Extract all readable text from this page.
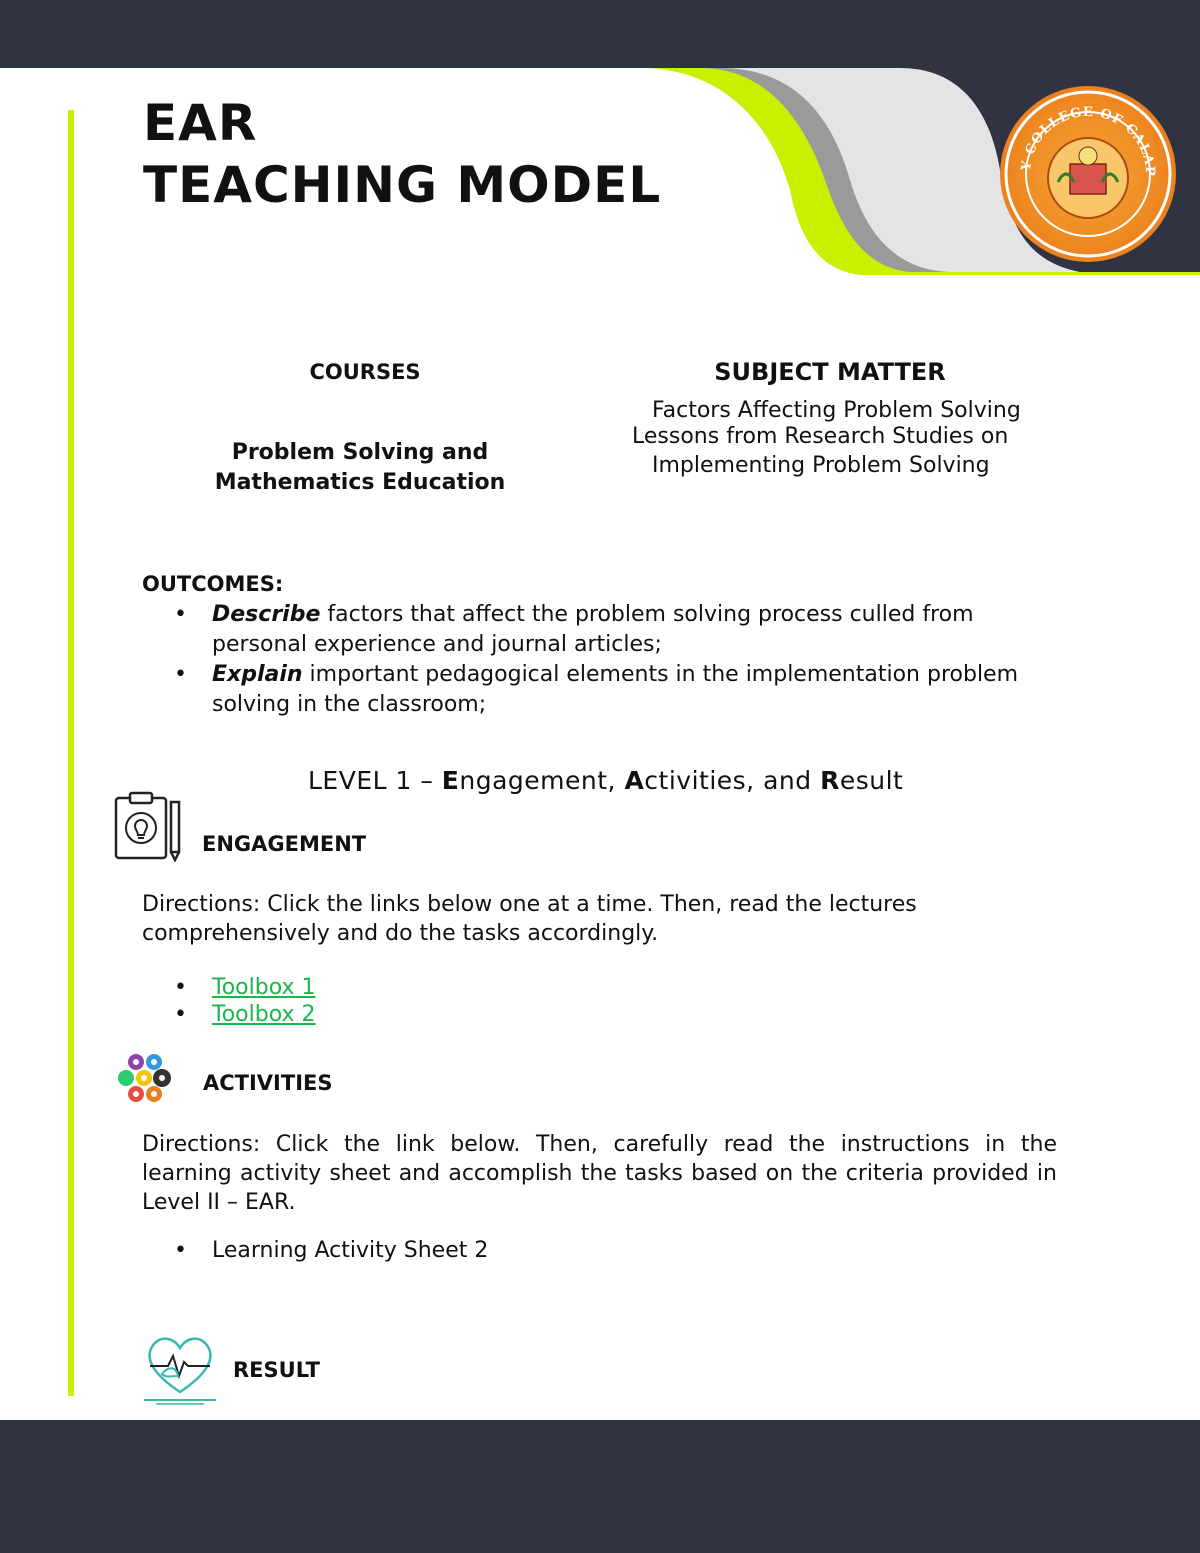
Y COLLEGE OF CALAP
EAR
TEACHING MODEL
COURSES	SUBJECT MATTER
Problem Solving and
Mathematics Education
Factors Affecting Problem Solving
Lessons from Research Studies on
Implementing Problem Solving
OUTCOMES:
• Describe factors that affect the problem solving process culled from personal experience and journal articles;
• Explain important pedagogical elements in the implementation problem solving in the classroom;
LEVEL 1 – Engagement, Activities, and Result
ENGAGEMENT
Directions: Click the links below one at a time. Then, read the lectures comprehensively and do the tasks accordingly.
• Toolbox 1
• Toolbox 2
ACTIVITIES
Directions: Click the link below. Then, carefully read the instructions in the learning activity sheet and accomplish the tasks based on the criteria provided in Level II – EAR.
• Learning Activity Sheet 2
RESULT
